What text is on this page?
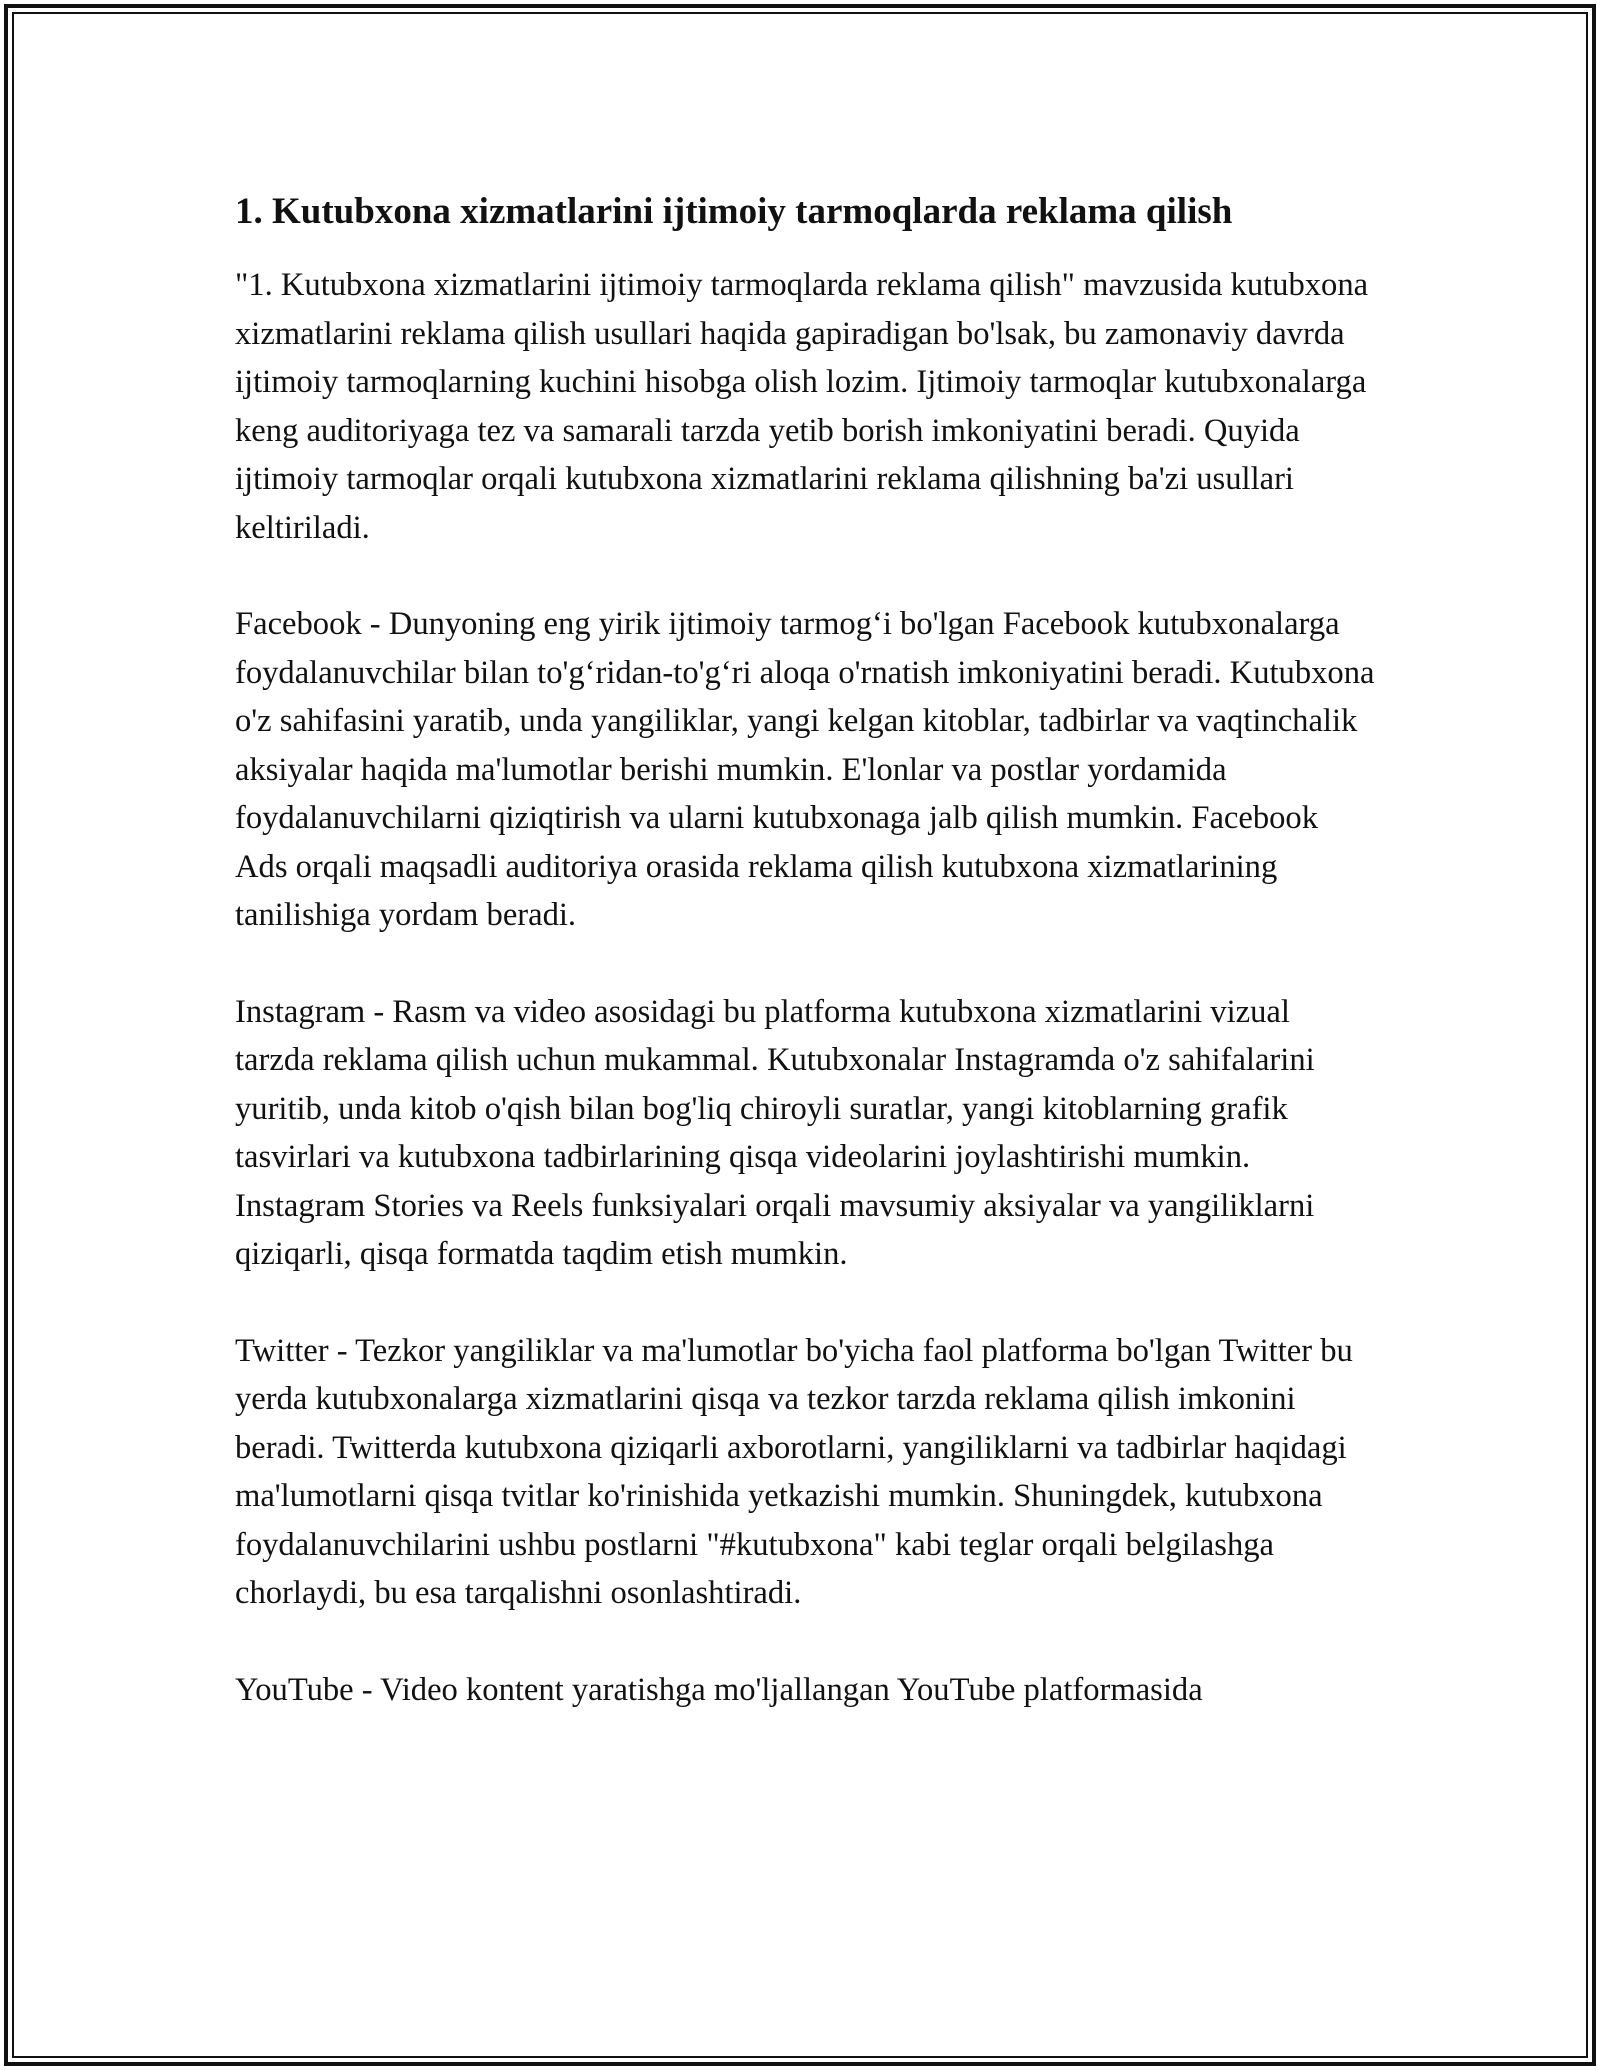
1. Kutubxona xizmatlarini ijtimoiy tarmoqlarda reklama qilish

"1. Kutubxona xizmatlarini ijtimoiy tarmoqlarda reklama qilish" mavzusida kutubxona xizmatlarini reklama qilish usullari haqida gapiradigan bo'lsak, bu zamonaviy davrda ijtimoiy tarmoqlarning kuchini hisobga olish lozim. Ijtimoiy tarmoqlar kutubxonalarga keng auditoriyaga tez va samarali tarzda yetib borish imkoniyatini beradi. Quyida ijtimoiy tarmoqlar orqali kutubxona xizmatlarini reklama qilishning ba'zi usullari keltiriladi.

Facebook - Dunyoning eng yirik ijtimoiy tarmog‘i bo'lgan Facebook kutubxonalarga foydalanuvchilar bilan to'g‘ridan-to'g‘ri aloqa o'rnatish imkoniyatini beradi. Kutubxona o'z sahifasini yaratib, unda yangiliklar, yangi kelgan kitoblar, tadbirlar va vaqtinchalik aksiyalar haqida ma'lumotlar berishi mumkin. E'lonlar va postlar yordamida foydalanuvchilarni qiziqtirish va ularni kutubxonaga jalb qilish mumkin. Facebook Ads orqali maqsadli auditoriya orasida reklama qilish kutubxona xizmatlarining tanilishiga yordam beradi.

Instagram - Rasm va video asosidagi bu platforma kutubxona xizmatlarini vizual tarzda reklama qilish uchun mukammal. Kutubxonalar Instagramda o'z sahifalarini yuritib, unda kitob o'qish bilan bog'liq chiroyli suratlar, yangi kitoblarning grafik tasvirlari va kutubxona tadbirlarining qisqa videolarini joylashtirishi mumkin. Instagram Stories va Reels funksiyalari orqali mavsumiy aksiyalar va yangiliklarni qiziqarli, qisqa formatda taqdim etish mumkin.

Twitter - Tezkor yangiliklar va ma'lumotlar bo'yicha faol platforma bo'lgan Twitter bu yerda kutubxonalarga xizmatlarini qisqa va tezkor tarzda reklama qilish imkonini beradi. Twitterda kutubxona qiziqarli axborotlarni, yangiliklarni va tadbirlar haqidagi ma'lumotlarni qisqa tvitlar ko'rinishida yetkazishi mumkin. Shuningdek, kutubxona foydalanuvchilarini ushbu postlarni "#kutubxona" kabi teglar orqali belgilashga chorlaydi, bu esa tarqalishni osonlashtiradi.

YouTube - Video kontent yaratishga mo'ljallangan YouTube platformasida
